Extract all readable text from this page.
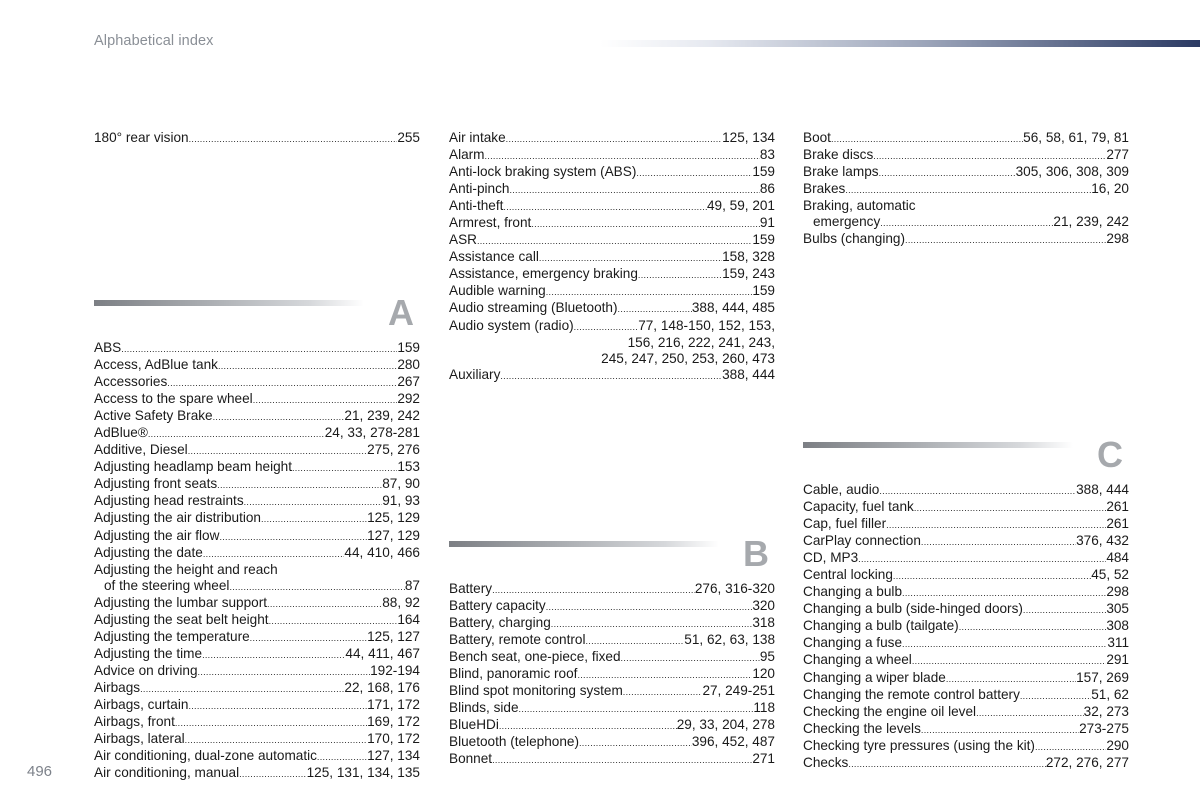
Alphabetical index
180° rear vision .....	255
A
ABS .....	159
Access, AdBlue tank .....	280
Accessories .....	267
Access to the spare wheel .....	292
Active Safety Brake .....	21, 239, 242
AdBlue® .....	24, 33, 278-281
Additive, Diesel .....	275, 276
Adjusting headlamp beam height .....	153
Adjusting front seats .....	87, 90
Adjusting head restraints .....	91, 93
Adjusting the air distribution .....	125, 129
Adjusting the air flow .....	127, 129
Adjusting the date .....	44, 410, 466
Adjusting the height and reach
of the steering wheel .....	87
Adjusting the lumbar support .....	88, 92
Adjusting the seat belt height .....	164
Adjusting the temperature .....	125, 127
Adjusting the time .....	44, 411, 467
Advice on driving .....	192-194
Airbags .....	22, 168, 176
Airbags, curtain .....	171, 172
Airbags, front .....	169, 172
Airbags, lateral .....	170, 172
Air conditioning, dual-zone automatic .....	127, 134
Air conditioning, manual .....	125, 131, 134, 135
Air intake .....	125, 134
Alarm .....	83
Anti-lock braking system (ABS) .....	159
Anti-pinch .....	86
Anti-theft .....	49, 59, 201
Armrest, front .....	91
ASR .....	159
Assistance call .....	158, 328
Assistance, emergency braking .....	159, 243
Audible warning .....	159
Audio streaming (Bluetooth) .....	388, 444, 485
Audio system (radio) .....	77, 148-150, 152, 153,
156, 216, 222, 241, 243,
245, 247, 250, 253, 260, 473
Auxiliary .....	388, 444
B
Battery .....	276, 316-320
Battery capacity .....	320
Battery, charging .....	318
Battery, remote control .....	51, 62, 63, 138
Bench seat, one-piece, fixed .....	95
Blind, panoramic roof .....	120
Blind spot monitoring system .....	27, 249-251
Blinds, side .....	118
BlueHDi .....	29, 33, 204, 278
Bluetooth (telephone) .....	396, 452, 487
Bonnet .....	271
Boot .....	56, 58, 61, 79, 81
Brake discs .....	277
Brake lamps .....	305, 306, 308, 309
Brakes .....	16, 20
Braking, automatic
emergency .....	21, 239, 242
Bulbs (changing) .....	298
C
Cable, audio .....	388, 444
Capacity, fuel tank .....	261
Cap, fuel filler .....	261
CarPlay connection .....	376, 432
CD, MP3 .....	484
Central locking .....	45, 52
Changing a bulb .....	298
Changing a bulb (side-hinged doors) .....	305
Changing a bulb (tailgate) .....	308
Changing a fuse .....	311
Changing a wheel .....	291
Changing a wiper blade .....	157, 269
Changing the remote control battery .....	51, 62
Checking the engine oil level .....	32, 273
Checking the levels .....	273-275
Checking tyre pressures (using the kit) .....	290
Checks .....	272, 276, 277
496
